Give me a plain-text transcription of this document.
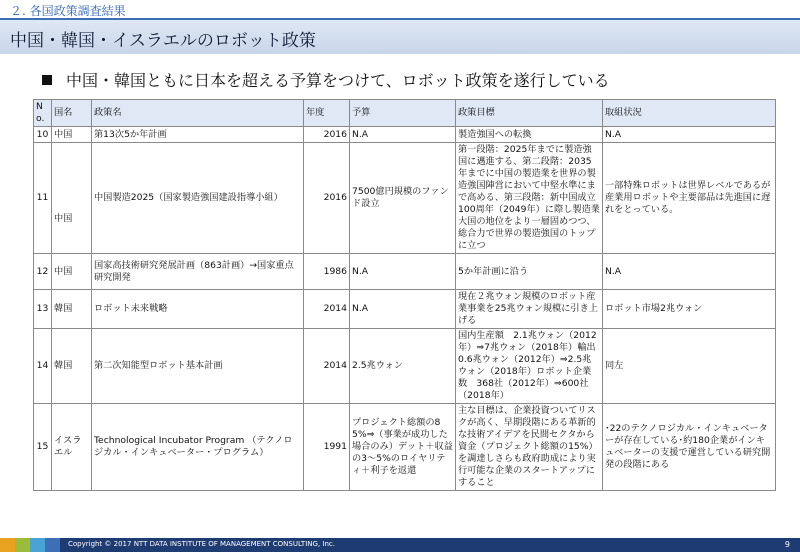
２. 各国政策調査結果
中国・韓国・イスラエルのロボット政策
中国・韓国ともに日本を超える予算をつけて、ロボット政策を遂行している
No.	国名	政策名	年度	予算	政策目標	取組状況
10	中国	第13次5か年計画	2016	N.A	製造強国への転換	N.A
11	中国	中国製造2025（国家製造強国建設指導小組）	2016	7500億円規模のファンド設立	第一段階：2025年までに製造強国に邁進する、第二段階：2035年までに中国の製造業を世界の製造強国陣営において中堅水準にまで高める、第三段階：新中国成立100周年（2049年）に際し製造業大国の地位をより一層固めつつ、総合力で世界の製造強国のトップに立つ	一部特殊ロボットは世界レベルであるが産業用ロボットや主要部品は先進国に遅れをとっている。
12	中国	国家高技術研究発展計画（863計画）→国家重点研究開発	1986	N.A	5か年計画に沿う	N.A
13	韓国	ロボット未来戦略	2014	N.A	現在２兆ウォン規模のロボット産業事業を25兆ウォン規模に引き上げる	ロボット市場2兆ウォン
14	韓国	第二次知能型ロボット基本計画	2014	2.5兆ウォン	国内生産額　2.1兆ウォン（2012年）⇒7兆ウォン（2018年）輸出　0.6兆ウォン（2012年）⇒2.5兆ウォン（2018年）ロボット企業数　368社（2012年）⇒600社（2018年）	同左
15	イスラエル	Technological Incubator Program （テクノロジカル・インキュベーター・プログラム）	1991	プロジェクト総額の85%⇒（事業が成功した場合のみ）デット＋収益の3～5%のロイヤリティ＋利子を返還	主な目標は、企業投資ついてリスクが高く、早期段階にある革新的な技術アイデアを民間セクタから資金（プロジェクト総額の15%）を調達しさらも政府助成により実行可能な企業のスタートアップにすること	･22のテクノロジカル・インキュベーターが存在している･約180企業がインキュベーターの支援で運営している研究開発の段階にある
Copyright © 2017 NTT DATA INSTITUTE OF MANAGEMENT CONSULTING, Inc.	9
